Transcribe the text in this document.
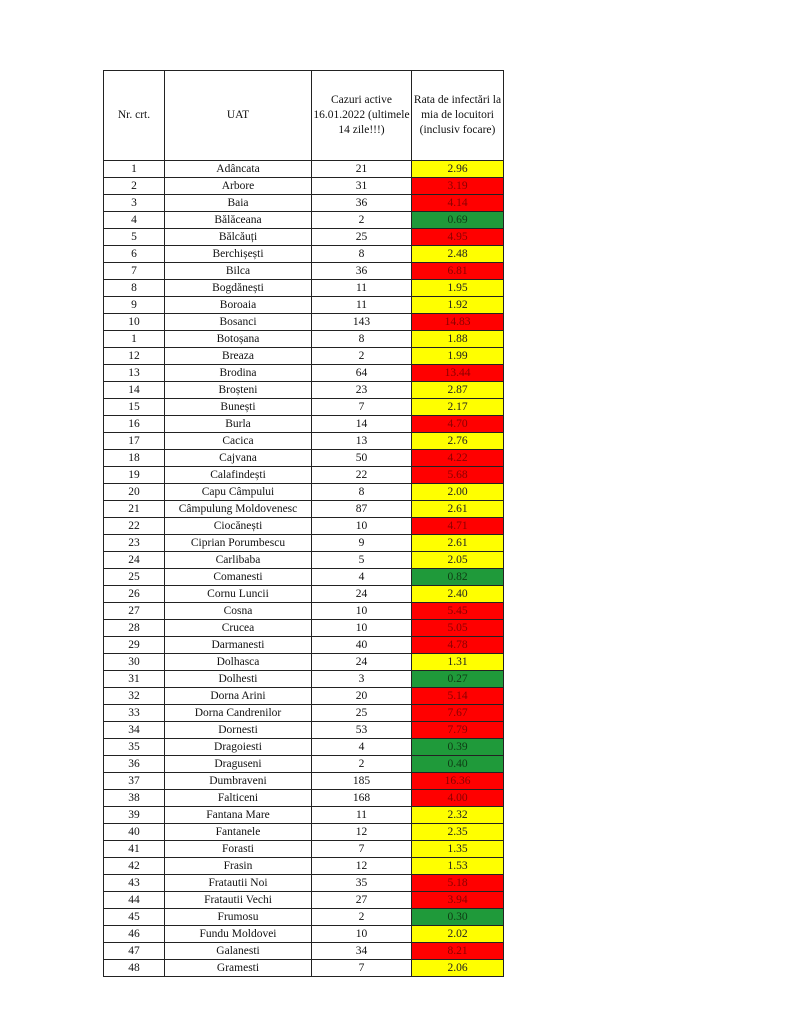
Nr. crt.	UAT	Cazuri active 16.01.2022 (ultimele 14 zile!!!)	Rata de infectări la mia de locuitori (inclusiv focare)
1	Adâncata	21	2.96
2	Arbore	31	3.19
3	Baia	36	4.14
4	Bălăceana	2	0.69
5	Bălcăuți	25	4.95
6	Berchișești	8	2.48
7	Bilca	36	6.81
8	Bogdănești	11	1.95
9	Boroaia	11	1.92
10	Bosanci	143	14.83
1	Botoșana	8	1.88
12	Breaza	2	1.99
13	Brodina	64	13.44
14	Broșteni	23	2.87
15	Bunești	7	2.17
16	Burla	14	4.70
17	Cacica	13	2.76
18	Cajvana	50	4.22
19	Calafindești	22	5.68
20	Capu Câmpului	8	2.00
21	Câmpulung Moldovenesc	87	2.61
22	Ciocănești	10	4.71
23	Ciprian Porumbescu	9	2.61
24	Carlibaba	5	2.05
25	Comanesti	4	0.82
26	Cornu Luncii	24	2.40
27	Cosna	10	5.45
28	Crucea	10	5.05
29	Darmanesti	40	4.78
30	Dolhasca	24	1.31
31	Dolhesti	3	0.27
32	Dorna Arini	20	5.14
33	Dorna Candrenilor	25	7.67
34	Dornesti	53	7.79
35	Dragoiesti	4	0.39
36	Draguseni	2	0.40
37	Dumbraveni	185	16.36
38	Falticeni	168	4.00
39	Fantana Mare	11	2.32
40	Fantanele	12	2.35
41	Forasti	7	1.35
42	Frasin	12	1.53
43	Fratautii Noi	35	5.18
44	Fratautii Vechi	27	3.94
45	Frumosu	2	0.30
46	Fundu Moldovei	10	2.02
47	Galanesti	34	8.21
48	Gramesti	7	2.06
